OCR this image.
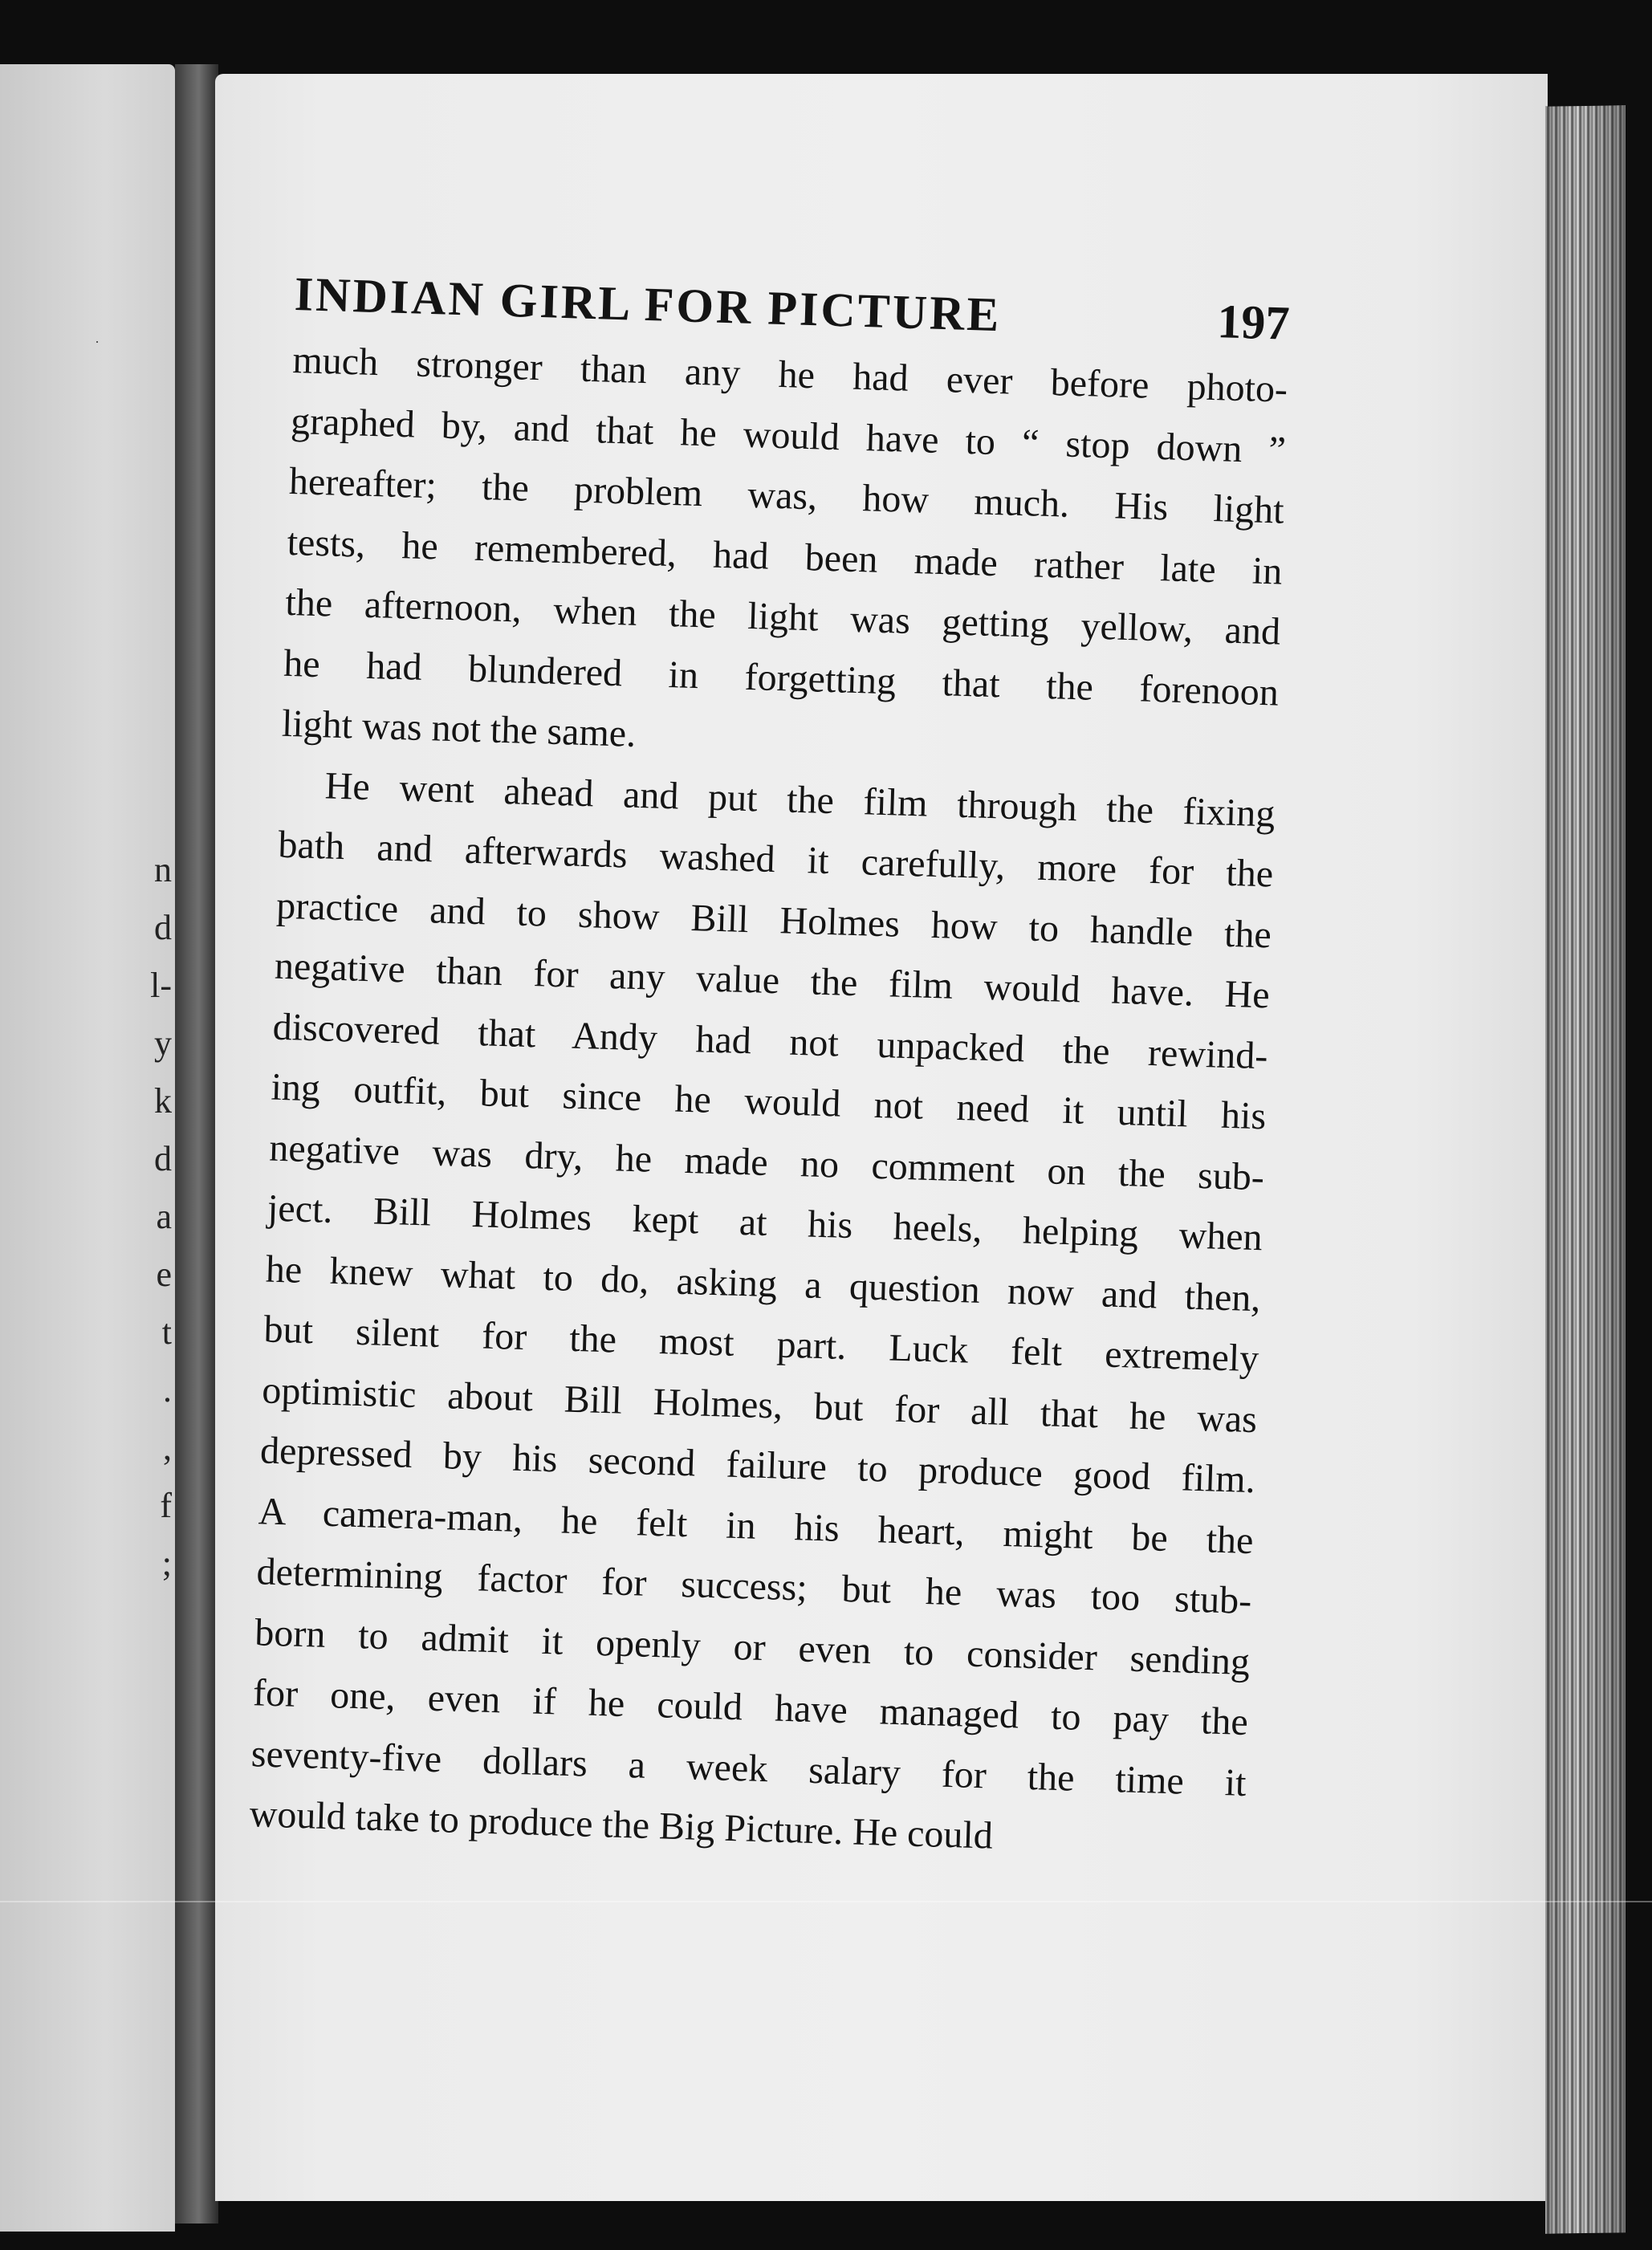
n
d
l-
y
k
d
a
e
t
.
,
f
;
INDIAN GIRL FOR PICTURE	197
much stronger than any he had ever before photo-
graphed by, and that he would have to “ stop down ”
hereafter; the problem was, how much. His light
tests, he remembered, had been made rather late in
the afternoon, when the light was getting yellow, and
he had blundered in forgetting that the forenoon
light was not the same.
He went ahead and put the film through the fixing
bath and afterwards washed it carefully, more for the
practice and to show Bill Holmes how to handle the
negative than for any value the film would have. He
discovered that Andy had not unpacked the rewind-
ing outfit, but since he would not need it until his
negative was dry, he made no comment on the sub-
ject. Bill Holmes kept at his heels, helping when
he knew what to do, asking a question now and then,
but silent for the most part. Luck felt extremely
optimistic about Bill Holmes, but for all that he was
depressed by his second failure to produce good film.
A camera-man, he felt in his heart, might be the
determining factor for success; but he was too stub-
born to admit it openly or even to consider sending
for one, even if he could have managed to pay the
seventy-five dollars a week salary for the time it
would take to produce the Big Picture. He could
